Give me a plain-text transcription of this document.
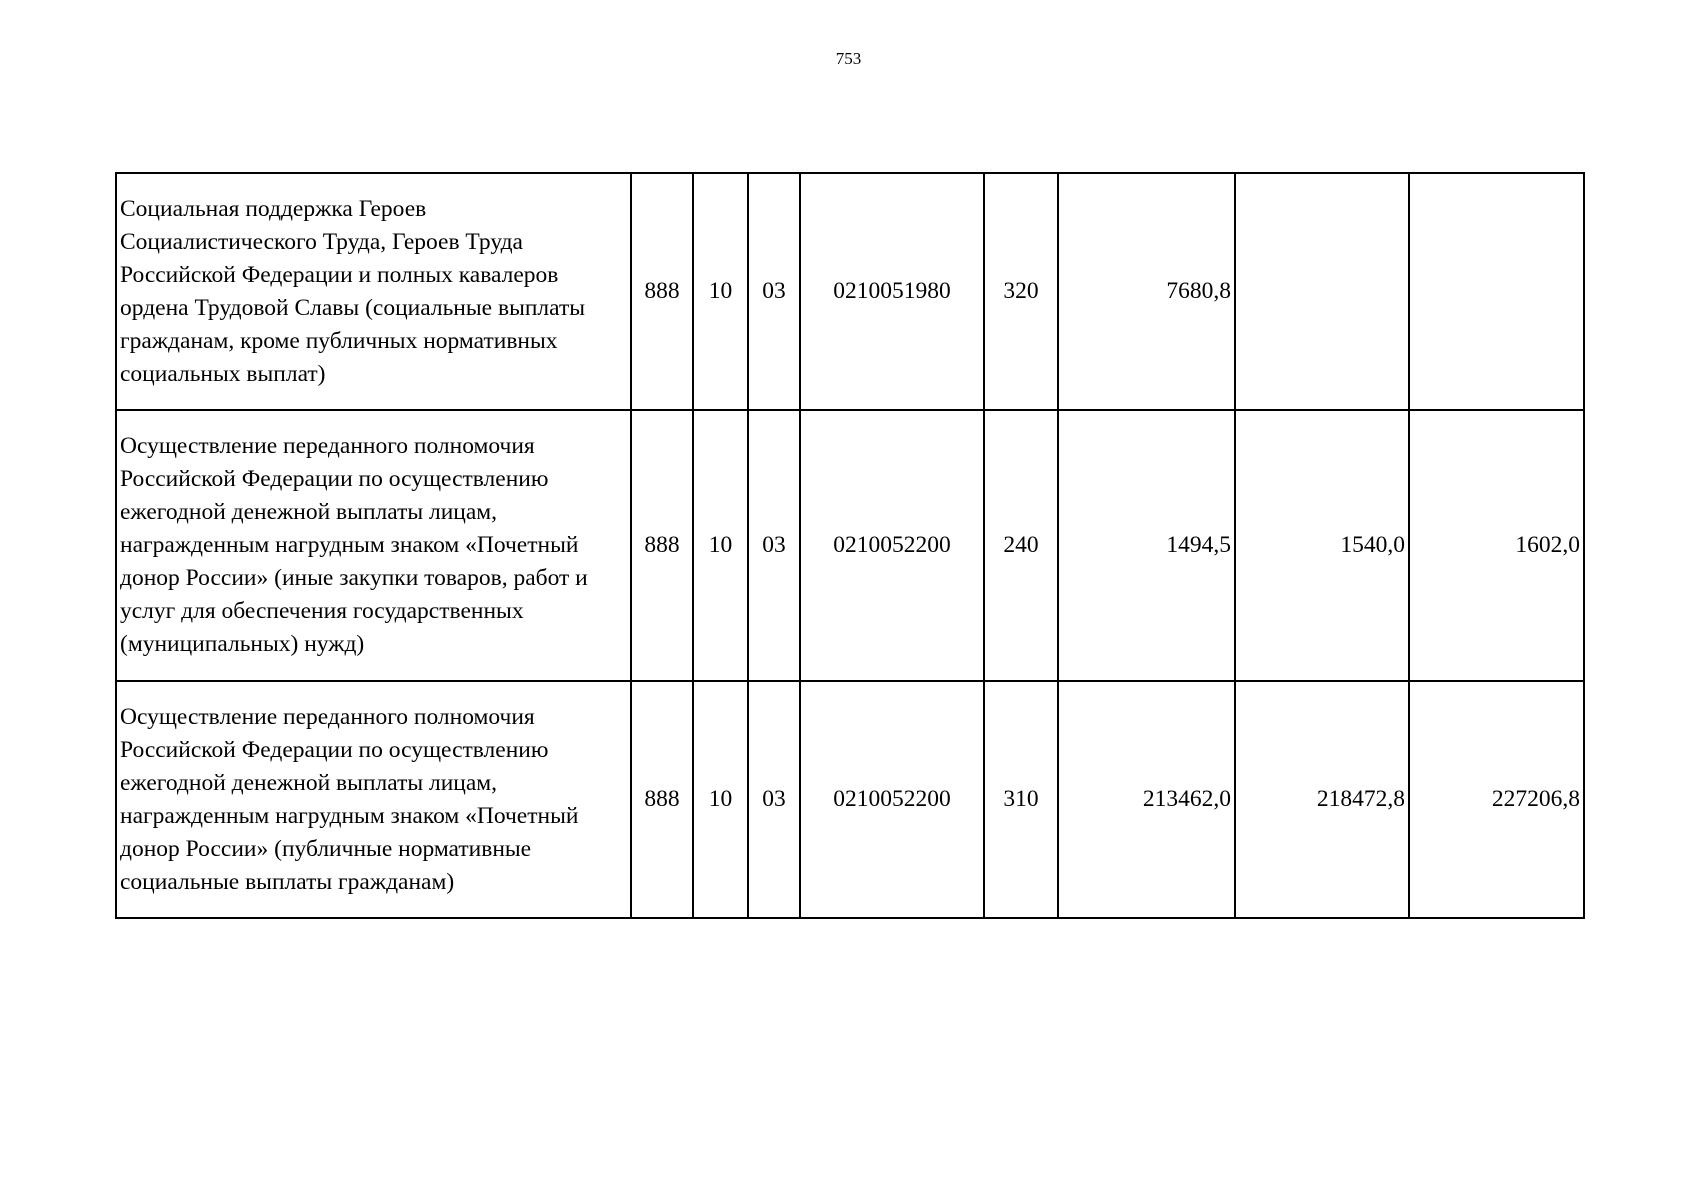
753
Социальная поддержка Героев Социалистического Труда, Героев Труда Российской Федерации и полных кавалеров ордена Трудовой Славы (социальные выплаты гражданам, кроме публичных нормативных социальных выплат)	888	10	03	0210051980	320	7680,8		
Осуществление переданного полномочия Российской Федерации по осуществлению ежегодной денежной выплаты лицам, награжденным нагрудным знаком «Почетный донор России» (иные закупки товаров, работ и услуг для обеспечения государственных (муниципальных) нужд)	888	10	03	0210052200	240	1494,5	1540,0	1602,0
Осуществление переданного полномочия Российской Федерации по осуществлению ежегодной денежной выплаты лицам, награжденным нагрудным знаком «Почетный донор России» (публичные нормативные социальные выплаты гражданам)	888	10	03	0210052200	310	213462,0	218472,8	227206,8
